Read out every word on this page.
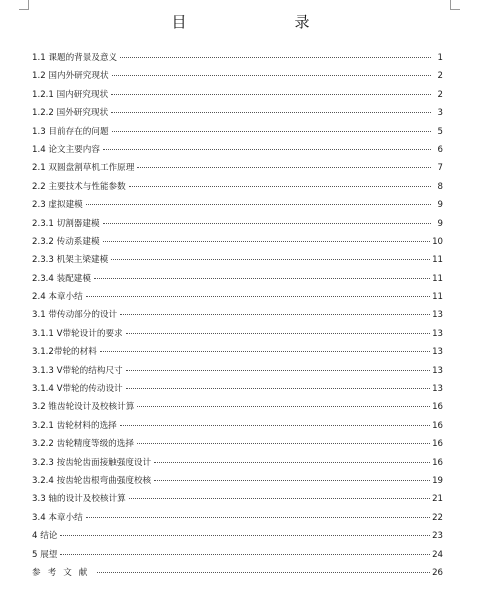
目　　录
1.1 课题的背景及意义	1
1.2 国内外研究现状	2
1.2.1 国内研究现状	2
1.2.2 国外研究现状	3
1.3 目前存在的问题	5
1.4 论文主要内容	6
2.1 双圆盘割草机工作原理	7
2.2 主要技术与性能参数	8
2.3 虚拟建模	9
2.3.1 切割器建模	9
2.3.2 传动系建模	10
2.3.3 机架主梁建模	11
2.3.4 装配建模	11
2.4 本章小结	11
3.1 带传动部分的设计	13
3.1.1 V带轮设计的要求	13
3.1.2带轮的材料	13
3.1.3 V带轮的结构尺寸	13
3.1.4 V带轮的传动设计	13
3.2 锥齿轮设计及校核计算	16
3.2.1 齿轮材料的选择	16
3.2.2 齿轮精度等级的选择	16
3.2.3 按齿轮齿面接触强度设计	16
3.2.4 按齿轮齿根弯曲强度校核	19
3.3 轴的设计及校核计算	21
3.4 本章小结	22
4 结论	23
5 展望	24
参考文献	26
